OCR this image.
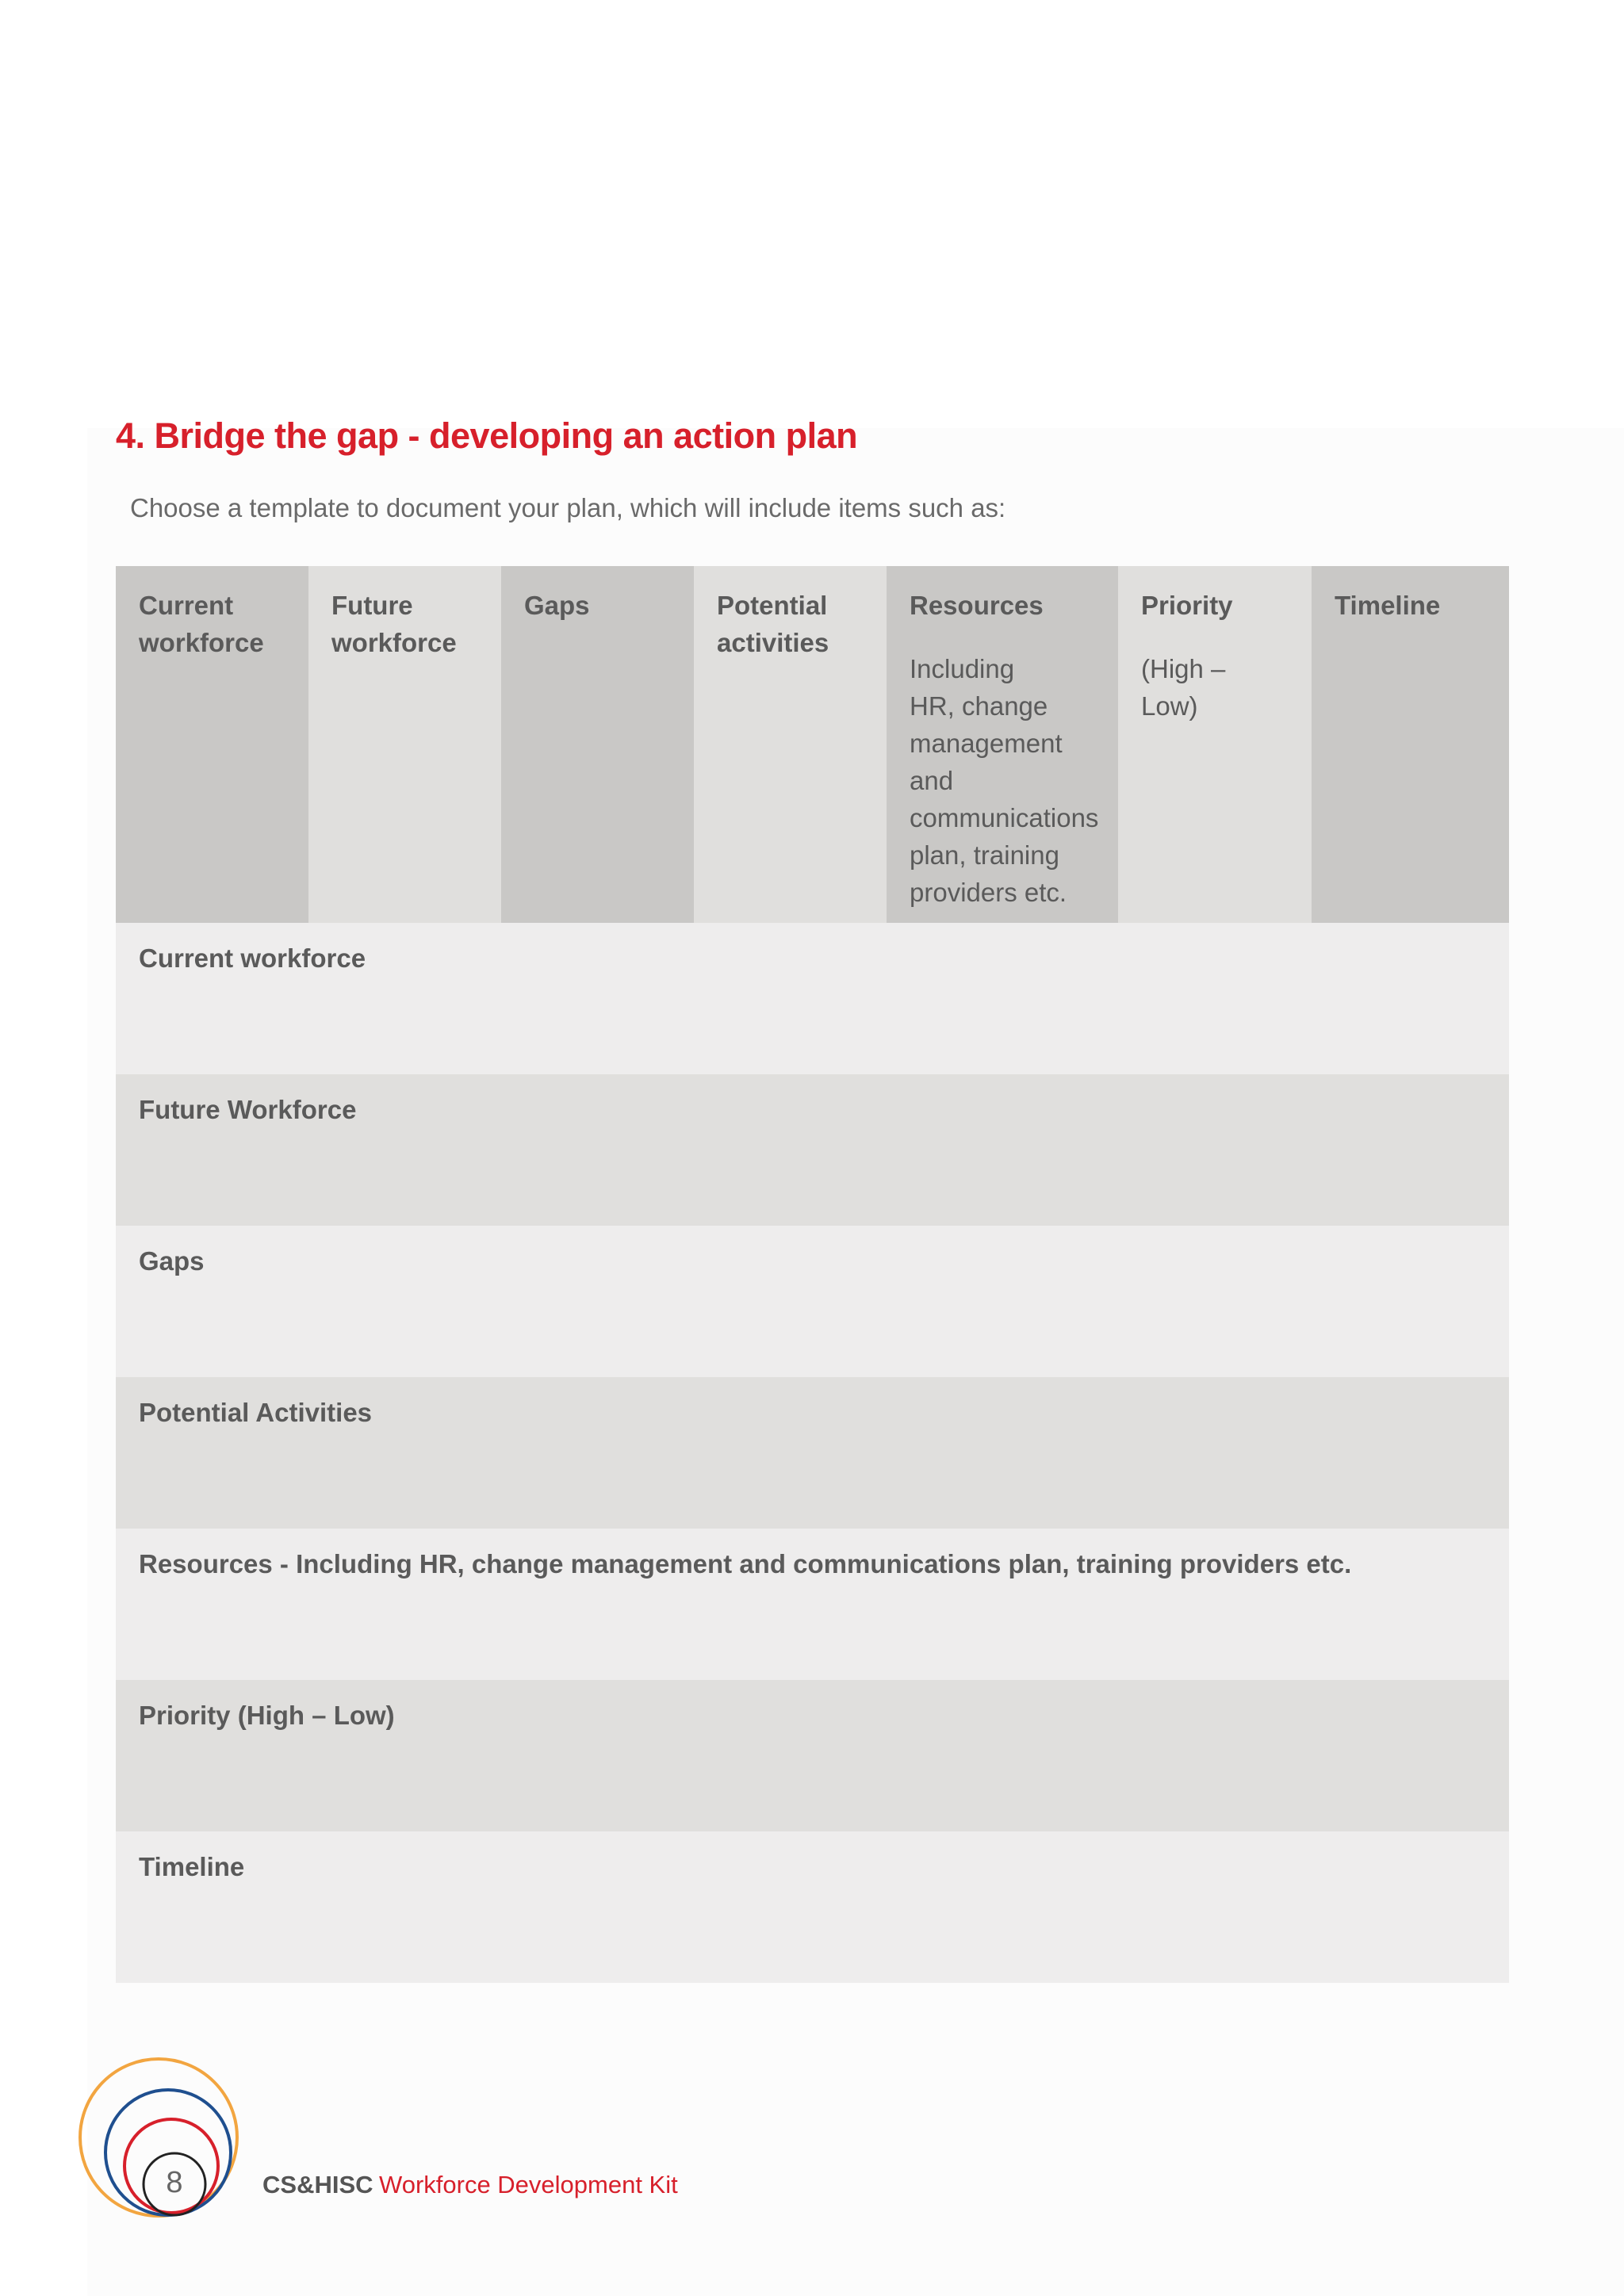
4. Bridge the gap - developing an action plan

Choose a template to document your plan, which will include items such as:

Current
workforce
Future
workforce
Gaps	Potential
activities
Resources
Including
HR, change
management and
communications
plan, training
providers etc.
Priority
(High – Low)
Timeline
Current workforce
Future Workforce
Gaps
Potential Activities
Resources - Including HR, change management and communications plan, training providers etc.
Priority (High – Low)
Timeline
8	CS&HISC Workforce Development Kit
